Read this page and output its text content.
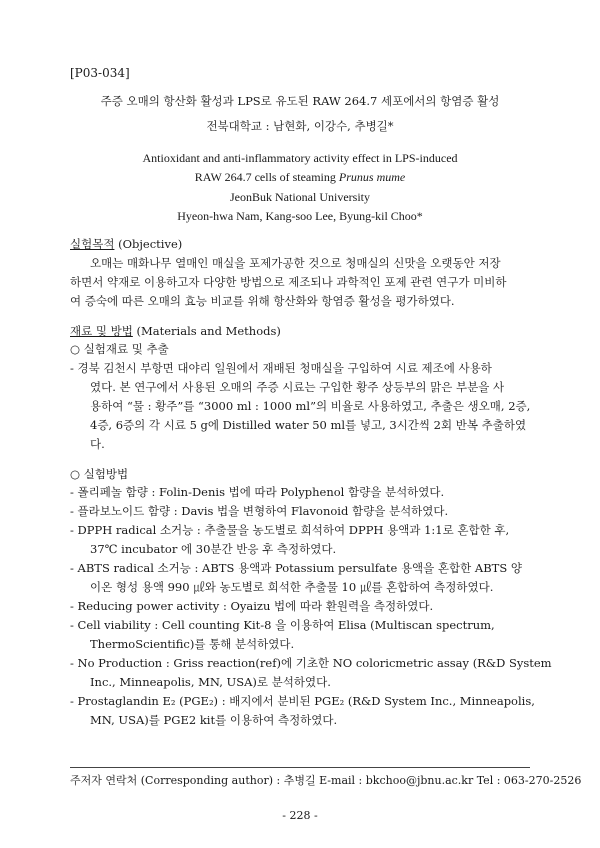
[P03-034]
주증 오매의 항산화 활성과 LPS로 유도된 RAW 264.7 세포에서의 항염증 활성
전북대학교 : 남현화, 이강수, 추병길*
Antioxidant and anti-inflammatory activity effect in LPS-induced
RAW 264.7 cells of steaming Prunus mume
JeonBuk National University
Hyeon-hwa Nam, Kang-soo Lee, Byung-kil Choo*
실험목적 (Objective)
오매는 매화나무 열매인 매실을 포제가공한 것으로 청매실의 신맛을 오랫동안 저장
하면서 약재로 이용하고자 다양한 방법으로 제조되나 과학적인 포제 관련 연구가 미비하
여 증숙에 따른 오매의 효능 비교를 위해 항산화와 항염증 활성을 평가하였다.
재료 및 방법 (Materials and Methods)
○ 실험재료 및 추출
- 경북 김천시 부항면 대야리 일원에서 재배된 청매실을 구입하여 시료 제조에 사용하
였다. 본 연구에서 사용된 오매의 주증 시료는 구입한 황주 상등부의 맑은 부분을 사
용하여 “물 : 황주”를 “3000 ml : 1000 ml”의 비율로 사용하였고, 추출은 생오매, 2증,
4증, 6증의 각 시료 5 g에 Distilled water 50 ml를 넣고, 3시간씩 2회 반복 추출하였
다.
○ 실험방법
- 폴리페놀 함량 : Folin-Denis 법에 따라 Polyphenol 함량을 분석하였다.
- 플라보노이드 함량 : Davis 법을 변형하여 Flavonoid 함량을 분석하였다.
- DPPH radical 소거능 : 추출물을 농도별로 희석하여 DPPH 용액과 1:1로 혼합한 후,
37℃ incubator 에 30분간 반응 후 측정하였다.
- ABTS radical 소거능 : ABTS 용액과 Potassium persulfate 용액을 혼합한 ABTS 양
이온 형성 용액 990 ㎕와 농도별로 희석한 추출물 10 ㎕를 혼합하여 측정하였다.
- Reducing power activity : Oyaizu 법에 따라 환원력을 측정하였다.
- Cell viability : Cell counting Kit-8 을 이용하여 Elisa (Multiscan spectrum,
ThermoScientific)를 통해 분석하였다.
- No Production : Griss reaction(ref)에 기초한 NO coloricmetric assay (R&D System
Inc., Minneapolis, MN, USA)로 분석하였다.
- Prostaglandin E₂ (PGE₂) : 배지에서 분비된 PGE₂ (R&D System Inc., Minneapolis,
MN, USA)를 PGE2 kit를 이용하여 측정하였다.
주저자 연락처 (Corresponding author) : 추병길 E-mail : bkchoo@jbnu.ac.kr Tel : 063-270-2526
- 228 -
